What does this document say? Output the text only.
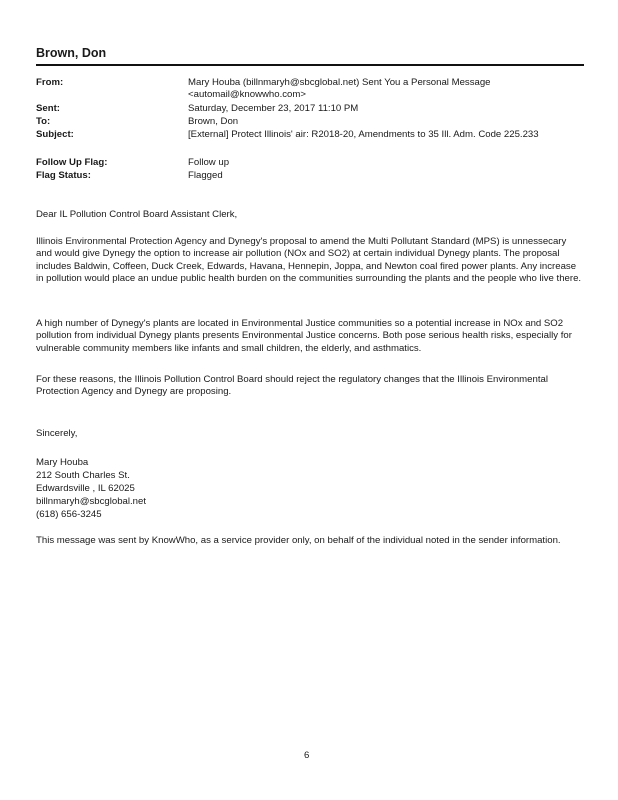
Brown, Don
From:	Mary Houba (billnmaryh@sbcglobal.net) Sent You a Personal Message
<automail@knowwho.com>
Sent:	Saturday, December 23, 2017 11:10 PM
To:	Brown, Don
Subject:	[External] Protect Illinois' air: R2018-20, Amendments to 35 Ill. Adm. Code 225.233
Follow Up Flag:	Follow up
Flag Status:	Flagged

Dear IL Pollution Control Board Assistant Clerk,

Illinois Environmental Protection Agency and Dynegy's proposal to amend the Multi Pollutant Standard (MPS) is unnessecary and would give Dynegy the option to increase air pollution (NOx and SO2) at certain individual Dynegy plants. The proposal includes Baldwin, Coffeen, Duck Creek, Edwards, Havana, Hennepin, Joppa, and Newton coal fired power plants. Any increase in pollution would place an undue public health burden on the communities surrounding the plants and the people who live there.

A high number of Dynegy's plants are located in Environmental Justice communities so a potential increase in NOx and SO2 pollution from individual Dynegy plants presents Environmental Justice concerns. Both pose serious health risks, especially for vulnerable community members like infants and small children, the elderly, and asthmatics.

For these reasons, the Illinois Pollution Control Board should reject the regulatory changes that the Illinois Environmental Protection Agency and Dynegy are proposing.

Sincerely,

Mary Houba
212 South Charles St.
Edwardsville , IL 62025
billnmaryh@sbcglobal.net
(618) 656-3245

This message was sent by KnowWho, as a service provider only, on behalf of the individual noted in the sender information.

6
